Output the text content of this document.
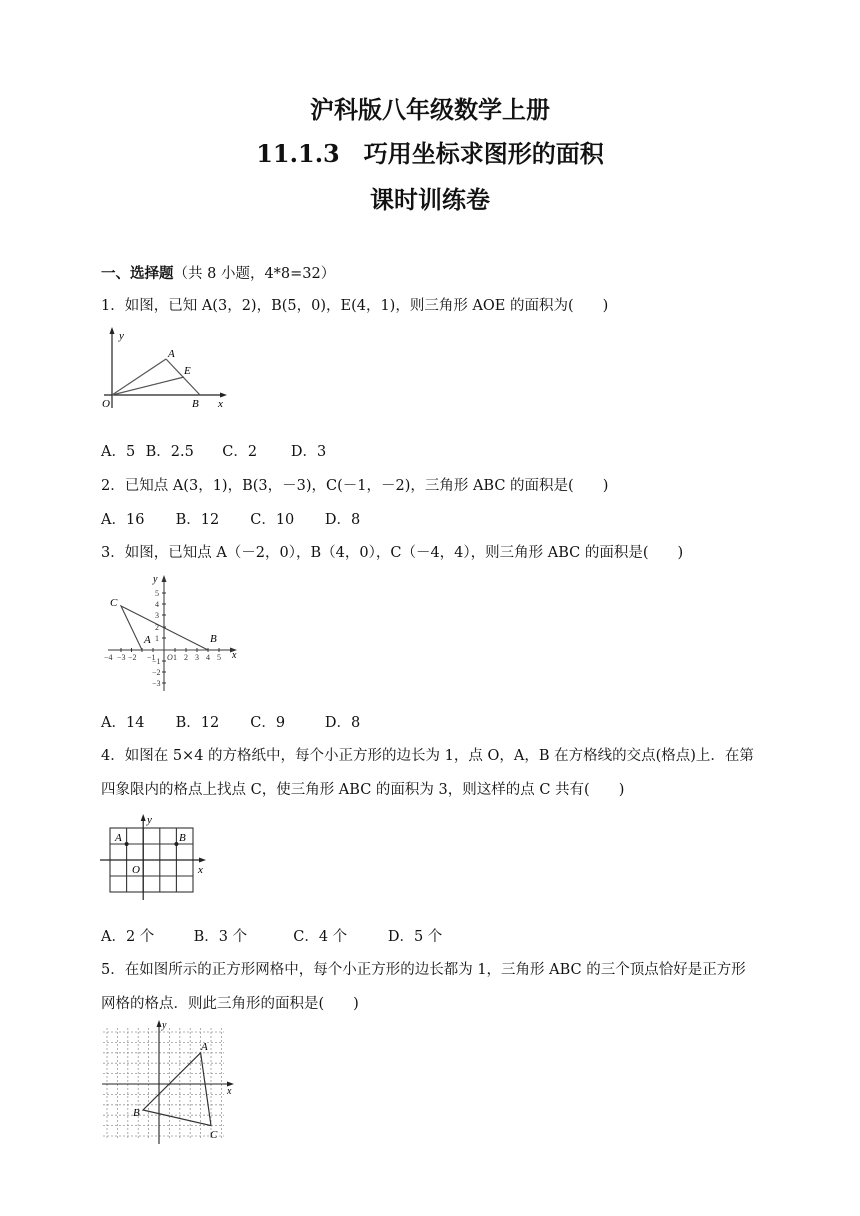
沪科版八年级数学上册
11.1.3　巧用坐标求图形的面积
课时训练卷
一、选择题（共 8 小题，4*8=32）
1．如图，已知 A(3，2)，B(5，0)，E(4，1)，则三角形 AOE 的面积为(　　)
y
A
E
O	B x
A．5 B．2.5 C．2 D．3
2．已知点 A(3，1)，B(3，－3)，C(－1，－2)，三角形 ABC 的面积是(　　)
A．16 B．12 C．10 D．8
3．如图，已知点 A（－2，0），B（4，0），C（－4，4），则三角形 ABC 的面积是(　　)
y
C
A	B
x
−4 −3 −2 −1 O 1 2 3 4 5
5
4
3
2
1
−1
−2
−3
A．14 B．12 C．9	D．8
4．如图在 5×4 的方格纸中，每个小正方形的边长为 1，点 O，A，B 在方格线的交点(格点)上．在第
四象限内的格点上找点 C，使三角形 ABC 的面积为 3，则这样的点 C 共有(　　)
A
y
B
O	x
A．2 个	B．3 个	C．4 个	D．5 个
5．在如图所示的正方形网格中，每个小正方形的边长都为 1，三角形 ABC 的三个顶点恰好是正方形
网格的格点．则此三角形的面积是(　　)
y
A
B
C
x
